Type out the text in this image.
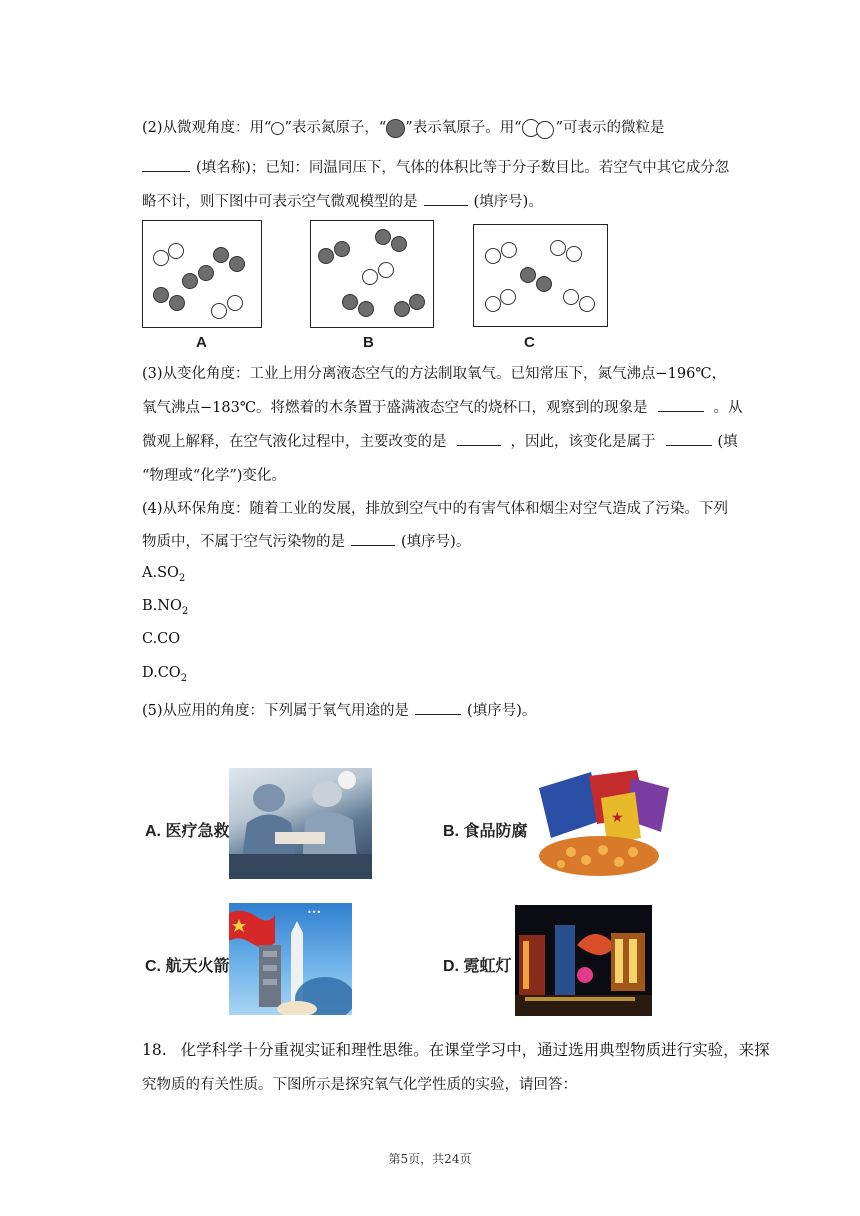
(2)从微观角度：用“ ”表示氮原子，“ ”表示氧原子。用“ ”可表示的微粒是
(填名称)；已知：同温同压下，气体的体积比等于分子数目比。若空气中其它成分忽
略不计，则下图中可表示空气微观模型的是	(填序号)。
A	B	C
(3)从变化角度：工业上用分离液态空气的方法制取氧气。已知常压下，氮气沸点−196℃，
氧气沸点−183℃。将燃着的木条置于盛满液态空气的烧杯口，观察到的现象是	。从
微观上解释，在空气液化过程中，主要改变的是	，因此，该变化是属于	(填
“物理或“化学”)变化。
(4)从环保角度：随着工业的发展，排放到空气中的有害气体和烟尘对空气造成了污染。下列
物质中，不属于空气污染物的是	(填序号)。
$A.SO_2$
$B.NO_2$
C.CO
$D.CO_2$
(5)从应用的角度：下列属于氧气用途的是	(填序号)。
A. 医疗急救	B. 食品防腐
★
C. 航天火箭
•••
D. 霓虹灯
18. 化学科学十分重视实证和理性思维。在课堂学习中，通过选用典型物质进行实验，来探
究物质的有关性质。下图所示是探究氧气化学性质的实验，请回答：
第5页，共24页
